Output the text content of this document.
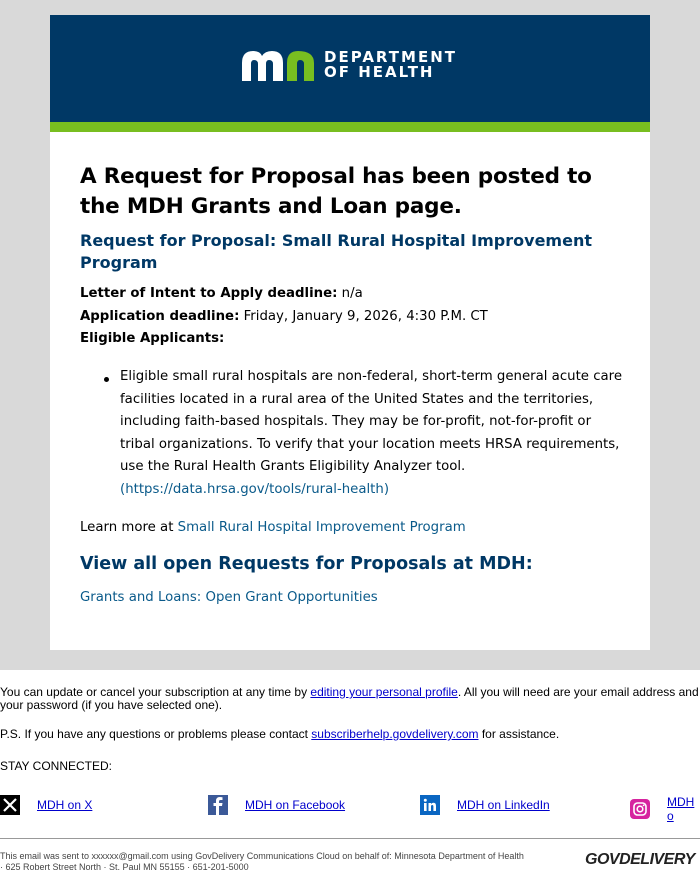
DEPARTMENT
OF HEALTH
A Request for Proposal has been posted to the MDH Grants and Loan page.
Request for Proposal: Small Rural Hospital Improvement Program
Letter of Intent to Apply deadline: n/a
Application deadline: Friday, January 9, 2026, 4:30 P.M. CT
Eligible Applicants:
Eligible small rural hospitals are non-federal, short-term general acute care facilities located in a rural area of the United States and the territories, including faith-based hospitals. They may be for-profit, not-for-profit or tribal organizations. To verify that your location meets HRSA requirements, use the Rural Health Grants Eligibility Analyzer tool.
(https://data.hrsa.gov/tools/rural-health)
Learn more at Small Rural Hospital Improvement Program
View all open Requests for Proposals at MDH:
Grants and Loans: Open Grant Opportunities
You can update or cancel your subscription at any time by editing your personal profile. All you will need are your email address and your password (if you have selected one).
P.S. If you have any questions or problems please contact subscriberhelp.govdelivery.com for assistance.
STAY CONNECTED:
MDH on X	MDH on Facebook	MDH on LinkedIn	MDH o
This email was sent to xxxxxx@gmail.com using GovDelivery Communications Cloud on behalf of: Minnesota Department of Health
· 625 Robert Street North · St. Paul MN 55155 · 651-201-5000	GOVDELIVERY
